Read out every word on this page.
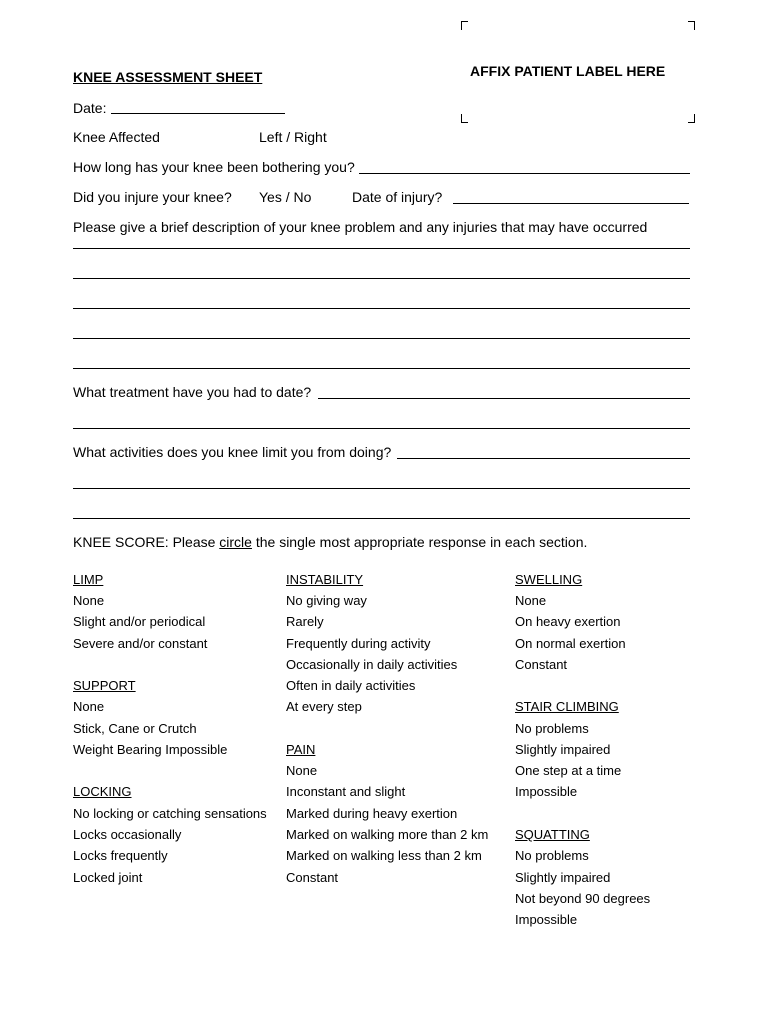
AFFIX PATIENT LABEL HERE
KNEE ASSESSMENT SHEET
Date:
Knee Affected	Left / Right
How long has your knee been bothering you?
Did you injure your knee? Yes / No	Date of injury?
Please give a brief description of your knee problem and any injuries that may have occurred
What treatment have you had to date?
What activities does you knee limit you from doing?
KNEE SCORE: Please circle the single most appropriate response in each section.
LIMP
None
Slight and/or periodical
Severe and/or constant
SUPPORT
None
Stick, Cane or Crutch
Weight Bearing Impossible
LOCKING
No locking or catching sensations
Locks occasionally
Locks frequently
Locked joint
INSTABILITY
No giving way
Rarely
Frequently during activity
Occasionally in daily activities
Often in daily activities
At every step
PAIN
None
Inconstant and slight
Marked during heavy exertion
Marked on walking more than 2 km
Marked on walking less than 2 km
Constant
SWELLING
None
On heavy exertion
On normal exertion
Constant
STAIR CLIMBING
No problems
Slightly impaired
One step at a time
Impossible
SQUATTING
No problems
Slightly impaired
Not beyond 90 degrees
Impossible
